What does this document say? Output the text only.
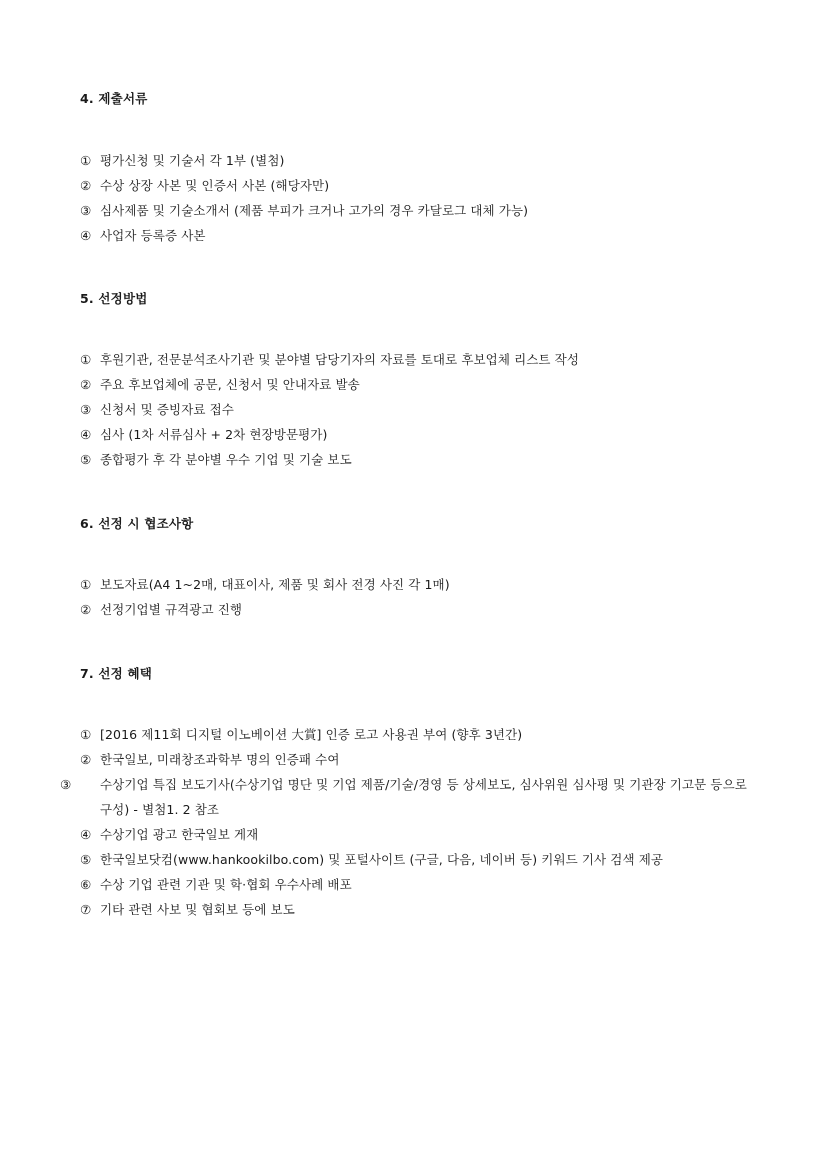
4. 제출서류
① 평가신청 및 기술서 각 1부 (별첨)
② 수상 상장 사본 및 인증서 사본 (해당자만)
③ 심사제품 및 기술소개서 (제품 부피가 크거나 고가의 경우 카달로그 대체 가능)
④ 사업자 등록증 사본
5. 선정방법
① 후원기관, 전문분석조사기관 및 분야별 담당기자의 자료를 토대로 후보업체 리스트 작성
② 주요 후보업체에 공문, 신청서 및 안내자료 발송
③ 신청서 및 증빙자료 접수
④ 심사 (1차 서류심사 + 2차 현장방문평가)
⑤ 종합평가 후 각 분야별 우수 기업 및 기술 보도
6. 선정 시 협조사항
① 보도자료(A4 1~2매, 대표이사, 제품 및 회사 전경 사진 각 1매)
② 선정기업별 규격광고 진행
7. 선정 혜택
① [2016 제11회 디지털 이노베이션 大賞] 인증 로고 사용권 부여 (향후 3년간)
② 한국일보, 미래창조과학부 명의 인증패 수여
③ 수상기업 특집 보도기사(수상기업 명단 및 기업 제품/기술/경영 등 상세보도, 심사위원 심사평 및 기관장 기고문 등으로 구성) - 별첨1. 2 참조
④ 수상기업 광고 한국일보 게재
⑤ 한국일보닷컴(www.hankookilbo.com) 및 포털사이트 (구글, 다음, 네이버 등) 키워드 기사 검색 제공
⑥ 수상 기업 관련 기관 및 학·협회 우수사례 배포
⑦ 기타 관련 사보 및 협회보 등에 보도
